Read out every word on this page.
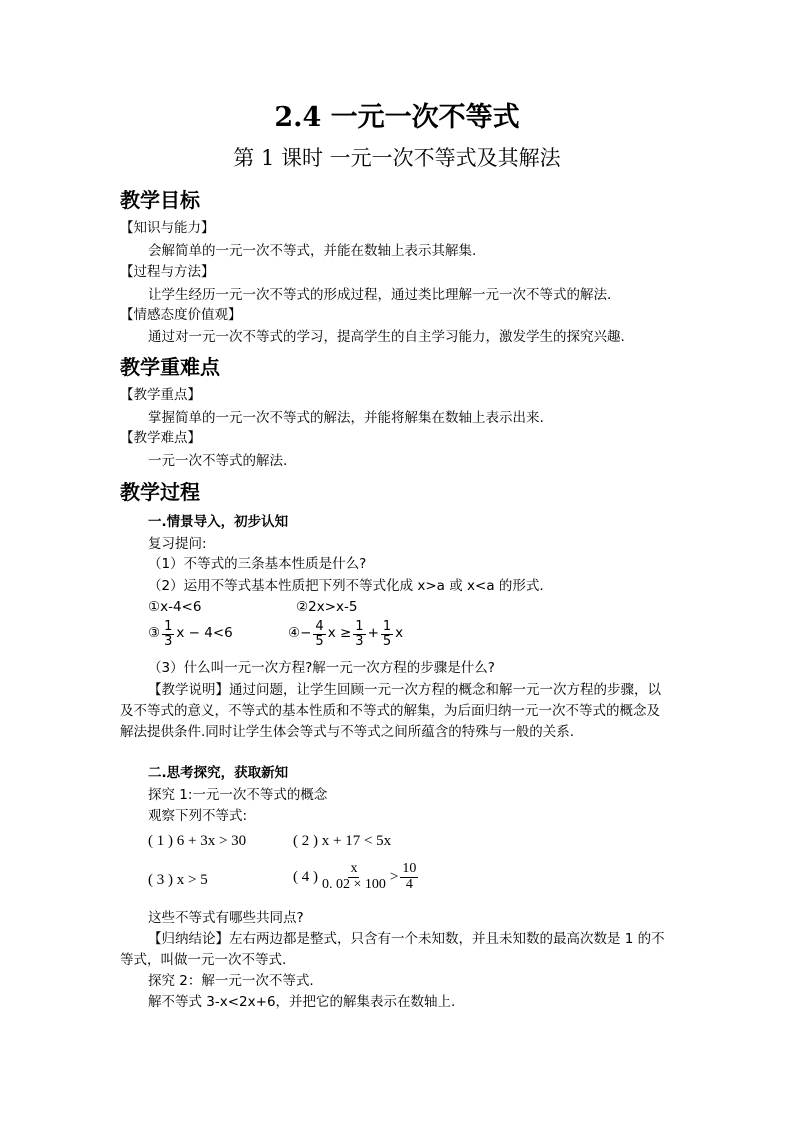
2.4 一元一次不等式
第 1 课时 一元一次不等式及其解法
教学目标
【知识与能力】
会解简单的一元一次不等式，并能在数轴上表示其解集.
【过程与方法】
让学生经历一元一次不等式的形成过程，通过类比理解一元一次不等式的解法.
【情感态度价值观】
通过对一元一次不等式的学习，提高学生的自主学习能力，激发学生的探究兴趣.
教学重难点
【教学重点】
掌握简单的一元一次不等式的解法，并能将解集在数轴上表示出来.
【教学难点】
一元一次不等式的解法.
教学过程
一.情景导入，初步认知
复习提问:
（1）不等式的三条基本性质是什么?
（2）运用不等式基本性质把下列不等式化成 x>a 或 x<a 的形式.
①x-4<6	②2x>x-5
③ $\frac{1}{3}$ x − 4<6	④− $\frac{4}{5}$ $x \ge \frac{1}{3} + \frac{1}{5}$ x
（3）什么叫一元一次方程?解一元一次方程的步骤是什么?
【教学说明】通过问题，让学生回顾一元一次方程的概念和解一元一次方程的步骤，以
及不等式的意义，不等式的基本性质和不等式的解集，为后面归纳一元一次不等式的概念及
解法提供条件.同时让学生体会等式与不等式之间所蕴含的特殊与一般的关系.
二.思考探究，获取新知
探究 1:一元一次不等式的概念
观察下列不等式:
( 1 ) 6 + 3x > 30	( 2 ) x + 17 < 5x
( 3 ) x > 5	( 4 ) $\frac{x}{0. 02 \times 100} > \frac{10}{4}$
这些不等式有哪些共同点?
【归纳结论】左右两边都是整式，只含有一个未知数，并且未知数的最高次数是 1 的不
等式，叫做一元一次不等式.
探究 2：解一元一次不等式.
解不等式 3-x<2x+6，并把它的解集表示在数轴上.
